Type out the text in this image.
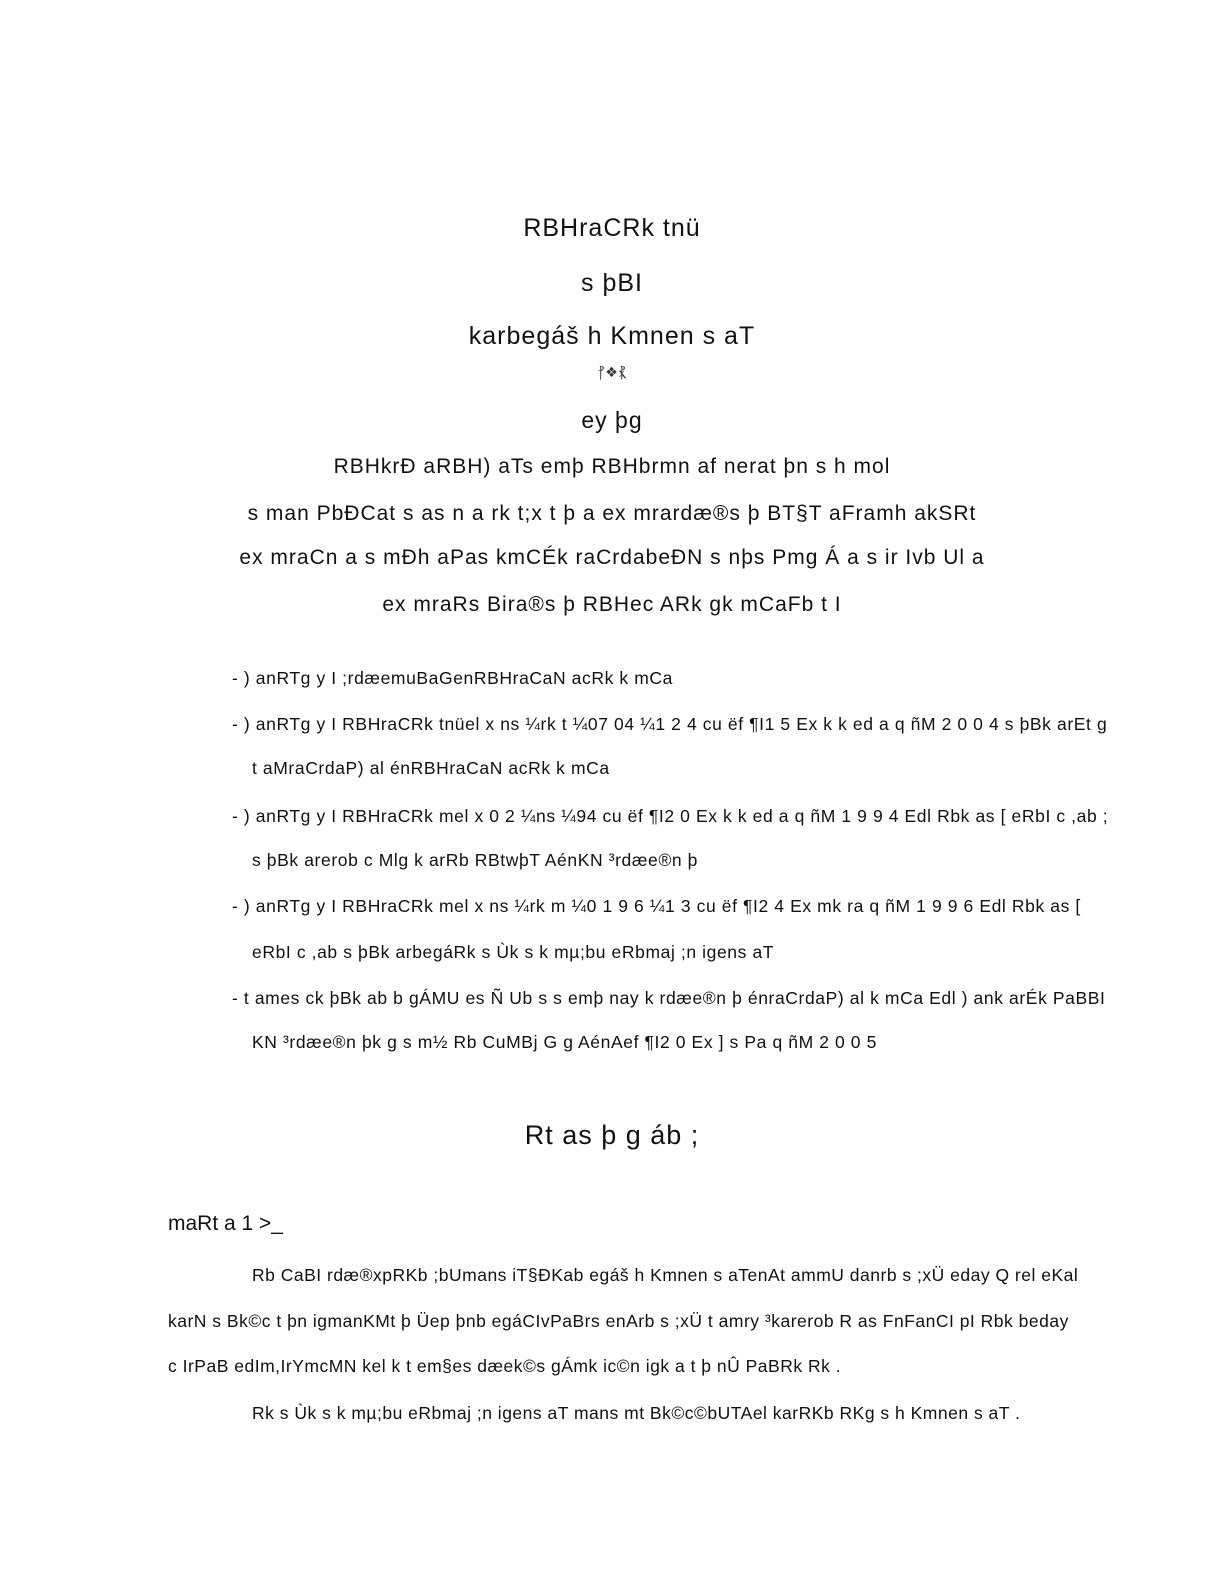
RBHraCRk tnü
s þBI
karbegáš h Kmnen s aT
⳨❖⳩
ey þg
RBHkrÐ aRBH) aTs emþ RBHbrmn af nerat þn s h mol
s man PbÐCat s as n a rk t;x t þ a ex mrardæ®s þ BT§T aFramh akSRt
ex mraCn a s mÐh aPas kmCÉk raCrdabeÐN s nþs Pmg Á a s ir Ivb Ul a
ex mraRs Bira®s þ RBHec ARk gk mCaFb t I
- ) anRTg y I ;rdæemuBaGenRBHraCaN acRk k mCa
- ) anRTg y I RBHraCRk tnüel x ns ¼rk t ¼07 04 ¼1 2 4 cu ëf ¶I1 5 Ex k k ed a q ñM 2 0 0 4 s þBk arEt g
t aMraCrdaP) al énRBHraCaN acRk k mCa
- ) anRTg y I RBHraCRk mel x 0 2 ¼ns ¼94 cu ëf ¶I2 0 Ex k k ed a q ñM 1 9 9 4 Edl Rbk as [ eRbI c ,ab ;
s þBk arerob c Mlg k arRb RBtwþT AénKN ³rdæe®n þ
- ) anRTg y I RBHraCRk mel x ns ¼rk m ¼0 1 9 6 ¼1 3 cu ëf ¶I2 4 Ex mk ra q ñM 1 9 9 6 Edl Rbk as [
eRbI c ,ab s þBk arbegáRk s Ùk s k mµ;bu eRbmaj ;n igens aT
- t ames ck þBk ab b gÁMU es Ñ Ub s s emþ nay k rdæe®n þ énraCrdaP) al k mCa Edl ) ank arÉk PaBBI
KN ³rdæe®n þk g s m½ Rb CuMBj G g AénAef ¶I2 0 Ex ] s Pa q ñM 2 0 0 5
Rt as þ g áb ;
maRt a 1 >_
Rb CaBI rdæ®xpRKb ;bUmans iT§ÐKab egáš h Kmnen s aTenAt ammU danrb s ;xÜ eday Q rel eKal
karN s Bk©c t þn igmanKMt þ Üep þnb egáCIvPaBrs enArb s ;xÜ t amry ³karerob R as FnFanCI pI Rbk beday
c IrPaB edIm,IrYmcMN kel k t em§es dæek©s gÁmk ic©n igk a t þ nÛ PaBRk Rk .
Rk s Ùk s k mµ;bu eRbmaj ;n igens aT mans mt Bk©c©bUTAel karRKb RKg s h Kmnen s aT .
